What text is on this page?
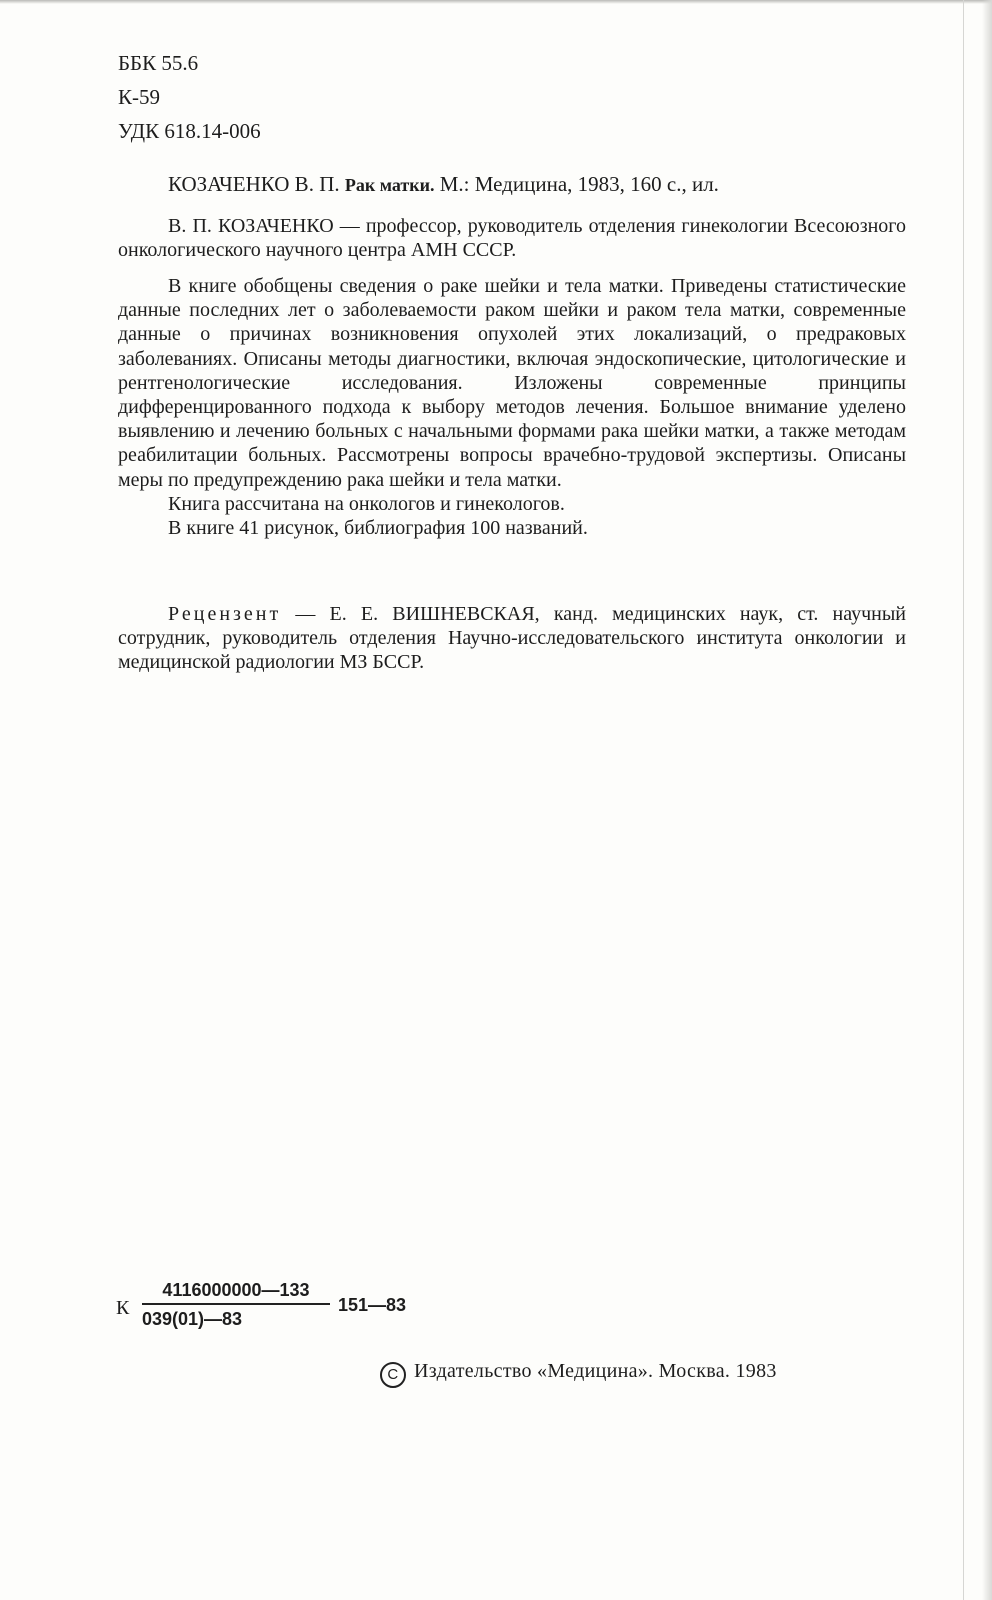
ББК 55.6
К-59
УДК 618.14-006
КОЗАЧЕНКО В. П. Рак матки. М.: Медицина, 1983, 160 с., ил.

В. П. КОЗАЧЕНКО — профессор, руководитель отделения гинекологии Всесоюзного онкологического научного центра АМН СССР.

В книге обобщены сведения о раке шейки и тела матки. Приведены статистические данные последних лет о заболеваемости раком шейки и раком тела матки, современные данные о причинах возникновения опухолей этих локализаций, о предраковых заболеваниях. Описаны методы диагностики, включая эндоскопические, цитологические и рентгенологические исследования. Изложены современные принципы дифференцированного подхода к выбору методов лечения. Большое внимание уделено выявлению и лечению больных с начальными формами рака шейки матки, а также методам реабилитации больных. Рассмотрены вопросы врачебно-трудовой экспертизы. Описаны меры по предупреждению рака шейки и тела матки.

Книга рассчитана на онкологов и гинекологов.

В книге 41 рисунок, библиография 100 названий.

Рецензент — Е. Е. ВИШНЕВСКАЯ, канд. медицинских наук, ст. научный сотрудник, руководитель отделения Научно-исследовательского института онкологии и медицинской радиологии МЗ БССР.

К $\frac{4116000000—133}{039(01)—83}$ 151—83
C Издательство «Медицина». Москва. 1983
